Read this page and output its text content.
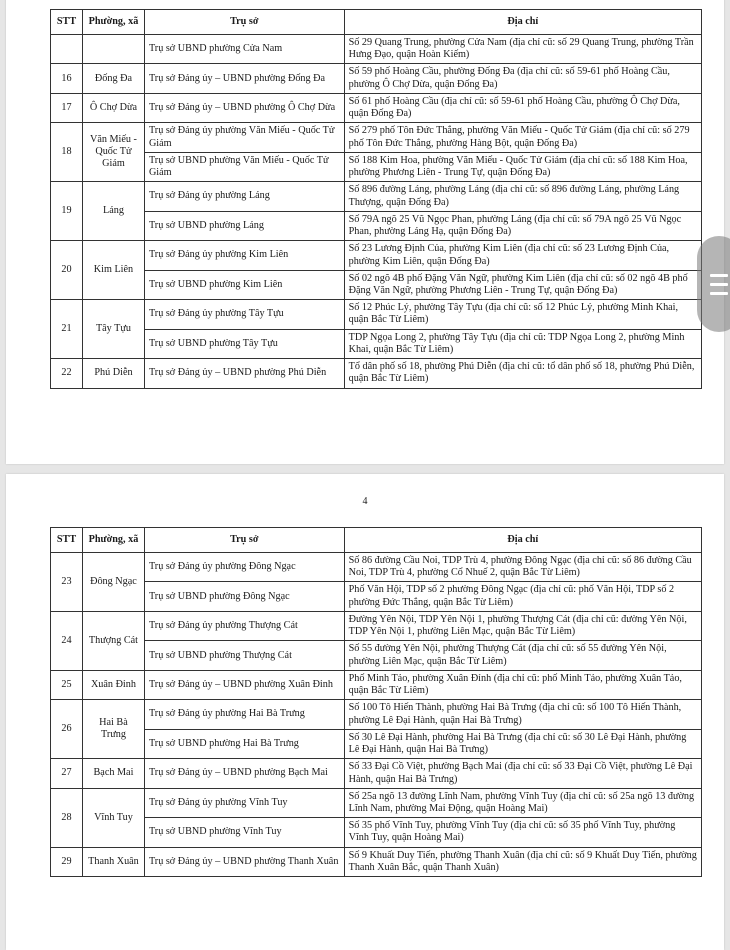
STT	Phường, xã	Trụ sở	Địa chỉ
		Trụ sở UBND phường Cửa Nam	Số 29 Quang Trung, phường Cửa Nam (địa chỉ cũ: số 29 Quang Trung, phường Trần Hưng Đạo, quận Hoàn Kiếm)
16	Đống Đa	Trụ sở Đảng ủy – UBND phường Đống Đa	Số 59 phố Hoàng Cầu, phường Đống Đa (địa chỉ cũ: số 59-61 phố Hoàng Cầu, phường Ô Chợ Dừa, quận Đống Đa)
17	Ô Chợ Dừa	Trụ sở Đảng ủy – UBND phường Ô Chợ Dừa	Số 61 phố Hoàng Cầu (địa chỉ cũ: số 59-61 phố Hoàng Cầu, phường Ô Chợ Dừa, quận Đống Đa)
18	Văn Miếu - Quốc Tử Giám	Trụ sở Đảng ủy phường Văn Miếu - Quốc Tử Giám	Số 279 phố Tôn Đức Thắng, phường Văn Miếu - Quốc Tử Giám (địa chỉ cũ: số 279 phố Tôn Đức Thắng, phường Hàng Bột, quận Đống Đa)
		Trụ sở UBND phường Văn Miếu - Quốc Tử Giám	Số 188 Kim Hoa, phường Văn Miếu - Quốc Tử Giám (địa chỉ cũ: số 188 Kim Hoa, phường Phương Liên - Trung Tự, quận Đống Đa)
19	Láng	Trụ sở Đảng ủy phường Láng	Số 896 đường Láng, phường Láng (địa chỉ cũ: số 896 đường Láng, phường Láng Thượng, quận Đống Đa)
		Trụ sở UBND phường Láng	Số 79A ngõ 25 Vũ Ngọc Phan, phường Láng (địa chỉ cũ: số 79A ngõ 25 Vũ Ngọc Phan, phường Láng Hạ, quận Đống Đa)
20	Kim Liên	Trụ sở Đảng ủy phường Kim Liên	Số 23 Lương Định Của, phường Kim Liên (địa chỉ cũ: số 23 Lương Định Của, phường Kim Liên, quận Đống Đa)
		Trụ sở UBND phường Kim Liên	Số 02 ngõ 4B phố Đặng Văn Ngữ, phường Kim Liên (địa chỉ cũ: số 02 ngõ 4B phố Đặng Văn Ngữ, phường Phương Liên - Trung Tự, quận Đống Đa)
21	Tây Tựu	Trụ sở Đảng ủy phường Tây Tựu	Số 12 Phúc Lý, phường Tây Tựu (địa chỉ cũ: số 12 Phúc Lý, phường Minh Khai, quận Bắc Từ Liêm)
		Trụ sở UBND phường Tây Tựu	TDP Ngọa Long 2, phường Tây Tựu (địa chỉ cũ: TDP Ngọa Long 2, phường Minh Khai, quận Bắc Từ Liêm)
22	Phú Diễn	Trụ sở Đảng ủy – UBND phường Phú Diễn	Tổ dân phố số 18, phường Phú Diễn (địa chỉ cũ: tổ dân phố số 18, phường Phú Diễn, quận Bắc Từ Liêm)
4
STT	Phường, xã	Trụ sở	Địa chỉ
23	Đông Ngạc	Trụ sở Đảng ủy phường Đông Ngạc	Số 86 đường Cầu Noi, TDP Trù 4, phường Đông Ngạc (địa chỉ cũ: số 86 đường Cầu Noi, TDP Trù 4, phường Cổ Nhuế 2, quận Bắc Từ Liêm)
		Trụ sở UBND phường Đông Ngạc	Phố Văn Hội, TDP số 2 phường Đông Ngạc (địa chỉ cũ: phố Văn Hội, TDP số 2 phường Đức Thắng, quận Bắc Từ Liêm)
24	Thượng Cát	Trụ sở Đảng ủy phường Thượng Cát	Đường Yên Nội, TDP Yên Nội 1, phường Thượng Cát (địa chỉ cũ: đường Yên Nội, TDP Yên Nội 1, phường Liên Mạc, quận Bắc Từ Liêm)
		Trụ sở UBND phường Thượng Cát	Số 55 đường Yên Nội, phường Thượng Cát (địa chỉ cũ: số 55 đường Yên Nội, phường Liên Mạc, quận Bắc Từ Liêm)
25	Xuân Đỉnh	Trụ sở Đảng ủy – UBND phường Xuân Đỉnh	Phố Minh Tảo, phường Xuân Đỉnh (địa chỉ cũ: phố Minh Tảo, phường Xuân Tảo, quận Bắc Từ Liêm)
26	Hai Bà Trưng	Trụ sở Đảng ủy phường Hai Bà Trưng	Số 100 Tô Hiến Thành, phường Hai Bà Trưng (địa chỉ cũ: số 100 Tô Hiến Thành, phường Lê Đại Hành, quận Hai Bà Trưng)
		Trụ sở UBND phường Hai Bà Trưng	Số 30 Lê Đại Hành, phường Hai Bà Trưng (địa chỉ cũ: số 30 Lê Đại Hành, phường Lê Đại Hành, quận Hai Bà Trưng)
27	Bạch Mai	Trụ sở Đảng ủy – UBND phường Bạch Mai	Số 33 Đại Cồ Việt, phường Bạch Mai (địa chỉ cũ: số 33 Đại Cồ Việt, phường Lê Đại Hành, quận Hai Bà Trưng)
28	Vĩnh Tuy	Trụ sở Đảng ủy phường Vĩnh Tuy	Số 25a ngõ 13 đường Lĩnh Nam, phường Vĩnh Tuy (địa chỉ cũ: số 25a ngõ 13 đường Lĩnh Nam, phường Mai Động, quận Hoàng Mai)
		Trụ sở UBND phường Vĩnh Tuy	Số 35 phố Vĩnh Tuy, phường Vĩnh Tuy (địa chỉ cũ: số 35 phố Vĩnh Tuy, phường Vĩnh Tuy, quận Hoàng Mai)
29	Thanh Xuân	Trụ sở Đảng ủy – UBND phường Thanh Xuân	Số 9 Khuất Duy Tiến, phường Thanh Xuân (địa chỉ cũ: số 9 Khuất Duy Tiến, phường Thanh Xuân Bắc, quận Thanh Xuân)
